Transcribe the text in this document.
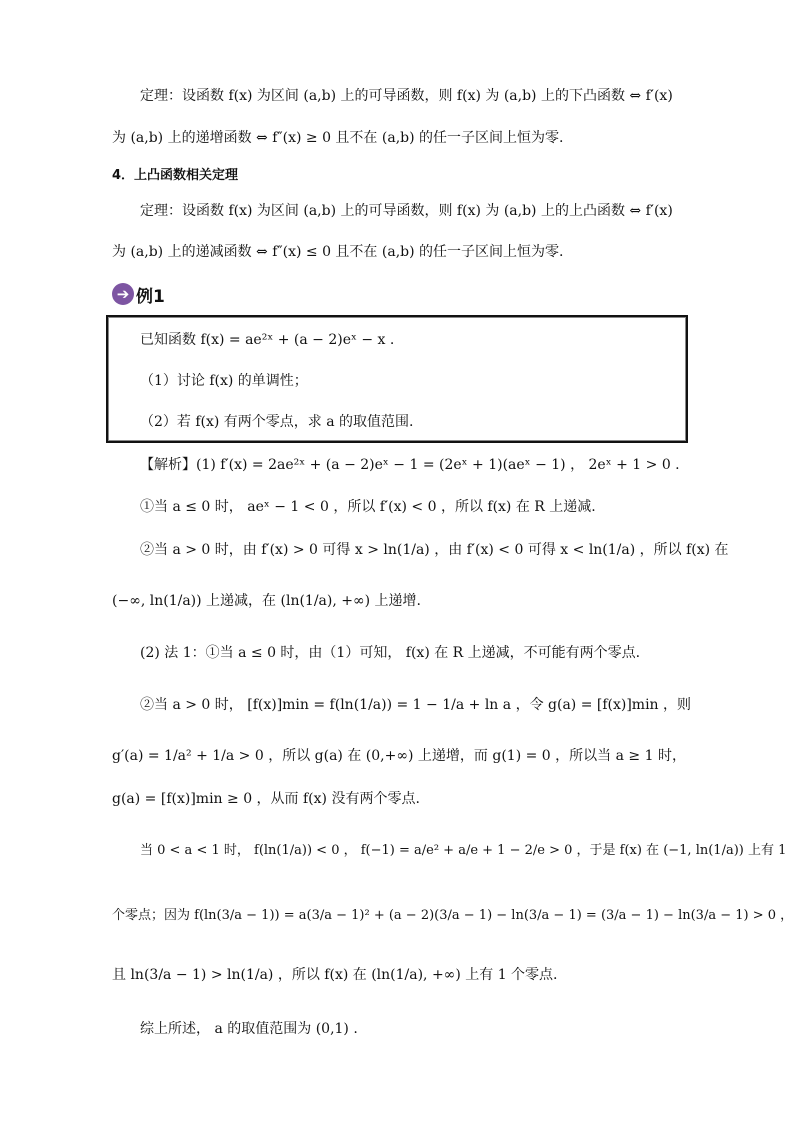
定理：设函数 f(x) 为区间 (a,b) 上的可导函数，则 f(x) 为 (a,b) 上的下凸函数 ⇔ f′(x)
为 (a,b) 上的递增函数 ⇔ f″(x) ≥ 0 且不在 (a,b) 的任一子区间上恒为零.
4．上凸函数相关定理
定理：设函数 f(x) 为区间 (a,b) 上的可导函数，则 f(x) 为 (a,b) 上的上凸函数 ⇔ f′(x)
为 (a,b) 上的递减函数 ⇔ f″(x) ≤ 0 且不在 (a,b) 的任一子区间上恒为零.
➔ 例1
已知函数 f(x) = ae²ˣ + (a − 2)eˣ − x .
（1）讨论 f(x) 的单调性；
（2）若 f(x) 有两个零点，求 a 的取值范围.
【解析】(1) f′(x) = 2ae²ˣ + (a − 2)eˣ − 1 = (2eˣ + 1)(aeˣ − 1) ， 2eˣ + 1 > 0 .
①当 a ≤ 0 时， aeˣ − 1 < 0 ，所以 f′(x) < 0 ，所以 f(x) 在 R 上递减.
②当 a > 0 时，由 f′(x) > 0 可得 x > ln(1/a) ，由 f′(x) < 0 可得 x < ln(1/a) ，所以 f(x) 在
(−∞, ln(1/a)) 上递减，在 (ln(1/a), +∞) 上递增.
(2) 法 1：①当 a ≤ 0 时，由（1）可知， f(x) 在 R 上递减，不可能有两个零点.
②当 a > 0 时， [f(x)]min = f(ln(1/a)) = 1 − 1/a + ln a ，令 g(a) = [f(x)]min ，则
g′(a) = 1/a² + 1/a > 0 ，所以 g(a) 在 (0,+∞) 上递增，而 g(1) = 0 ，所以当 a ≥ 1 时，
g(a) = [f(x)]min ≥ 0 ，从而 f(x) 没有两个零点.
当 0 < a < 1 时， f(ln(1/a)) < 0 ， f(−1) = a/e² + a/e + 1 − 2/e > 0 ，于是 f(x) 在 (−1, ln(1/a)) 上有 1
个零点；因为 f(ln(3/a − 1)) = a(3/a − 1)² + (a − 2)(3/a − 1) − ln(3/a − 1) = (3/a − 1) − ln(3/a − 1) > 0 ，
且 ln(3/a − 1) > ln(1/a) ，所以 f(x) 在 (ln(1/a), +∞) 上有 1 个零点.
综上所述， a 的取值范围为 (0,1) .
